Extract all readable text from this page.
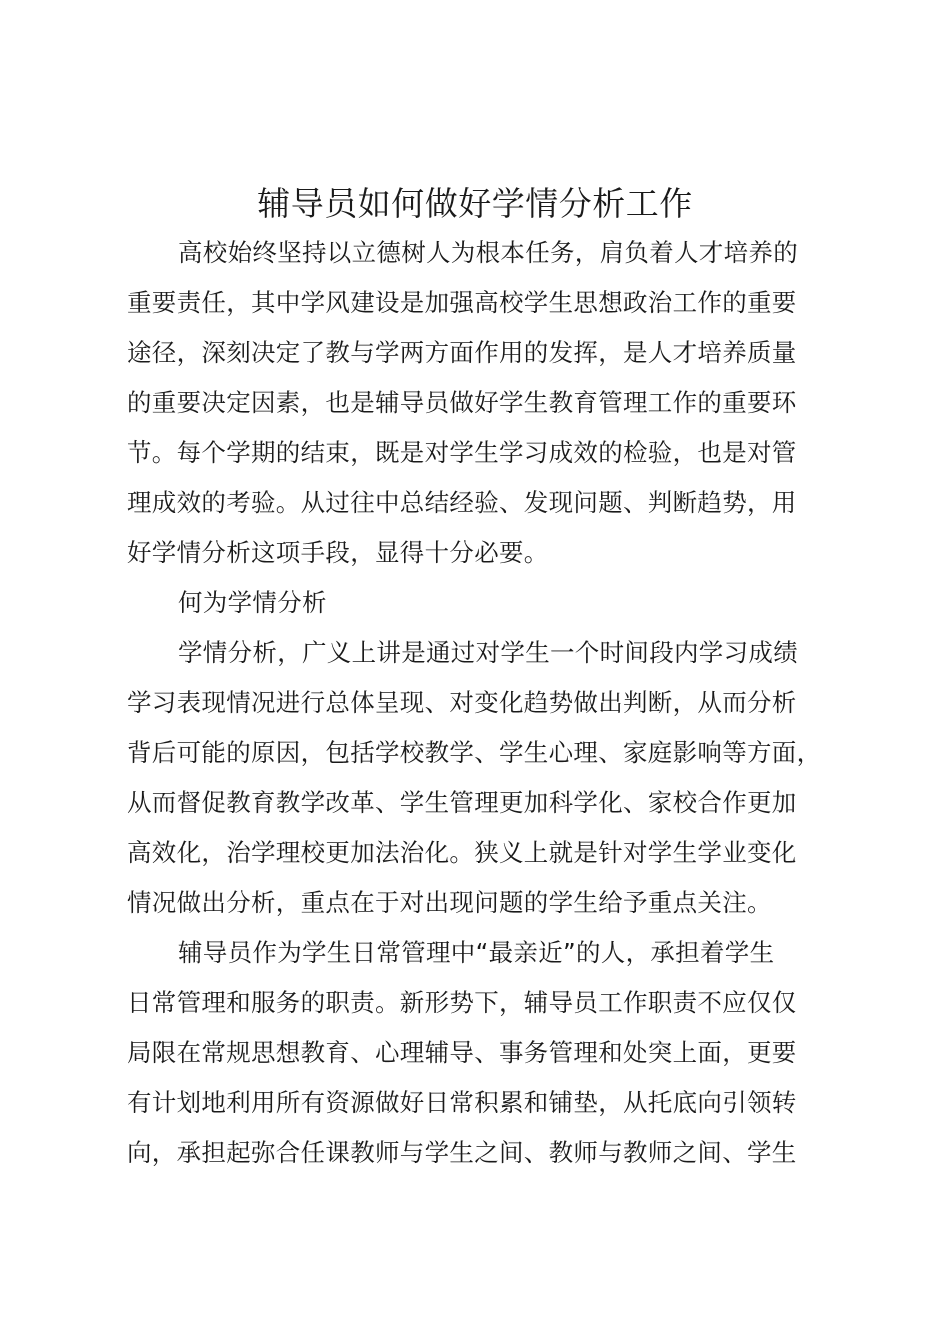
辅导员如何做好学情分析工作
高校始终坚持以立德树人为根本任务，肩负着人才培养的
重要责任，其中学风建设是加强高校学生思想政治工作的重要
途径，深刻决定了教与学两方面作用的发挥，是人才培养质量
的重要决定因素，也是辅导员做好学生教育管理工作的重要环
节。每个学期的结束，既是对学生学习成效的检验，也是对管
理成效的考验。从过往中总结经验、发现问题、判断趋势，用
好学情分析这项手段，显得十分必要。
何为学情分析
学情分析，广义上讲是通过对学生一个时间段内学习成绩
学习表现情况进行总体呈现、对变化趋势做出判断，从而分析
背后可能的原因，包括学校教学、学生心理、家庭影响等方面，
从而督促教育教学改革、学生管理更加科学化、家校合作更加
高效化，治学理校更加法治化。狭义上就是针对学生学业变化
情况做出分析，重点在于对出现问题的学生给予重点关注。
辅导员作为学生日常管理中“最亲近”的人，承担着学生
日常管理和服务的职责。新形势下，辅导员工作职责不应仅仅
局限在常规思想教育、心理辅导、事务管理和处突上面，更要
有计划地利用所有资源做好日常积累和铺垫，从托底向引领转
向，承担起弥合任课教师与学生之间、教师与教师之间、学生
